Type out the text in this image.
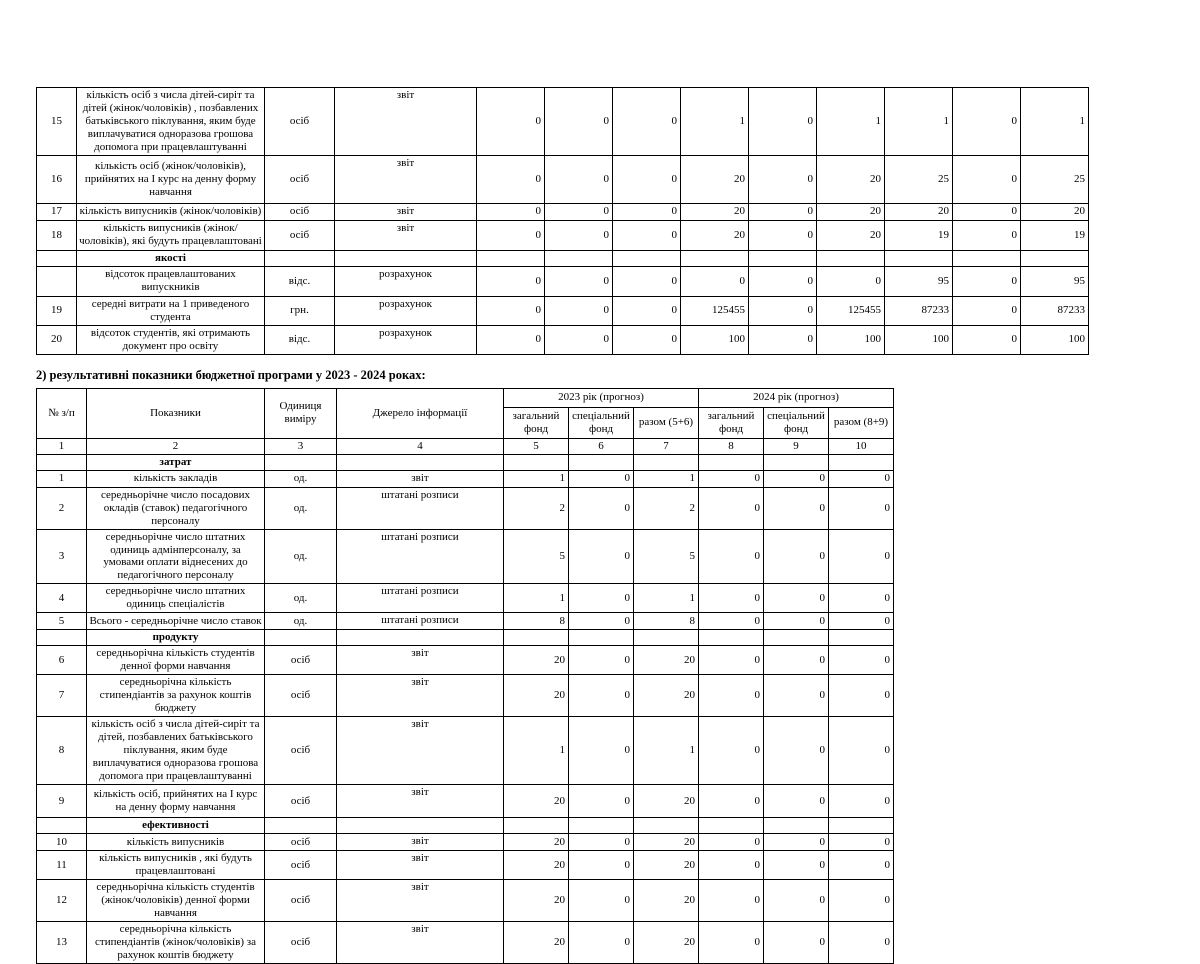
15	кількість осіб з числа дітей-сиріт та дітей (жінок/чоловіків) , позбавлених батьківського піклування, яким буде виплачуватися одноразова грошова допомога при працевлаштуванні	осіб	звіт	0	0	0	1	0	1	1	0	1
16	кількість осіб (жінок/чоловіків), прийнятих на І курс на денну форму навчання	осіб	звіт	0	0	0	20	0	20	25	0	25
17	кількість випусників (жінок/чоловіків)	осіб	звіт	0	0	0	20	0	20	20	0	20
18	кількість випусників (жінок/чоловіків), які будуть працевлаштовані	осіб	звіт	0	0	0	20	0	20	19	0	19
	якості											
	відсоток працевлаштованих випускників	відс.	розрахунок	0	0	0	0	0	0	95	0	95
19	середні витрати на 1 приведеного студента	грн.	розрахунок	0	0	0	125455	0	125455	87233	0	87233
20	відсоток студентів, які отримають документ про освіту	відс.	розрахунок	0	0	0	100	0	100	100	0	100
2) результативні показники бюджетної програми у 2023 - 2024 роках:
№ з/п	Показники	Одиниця виміру	Джерело інформації	2023 рік (прогноз)			2024 рік (прогноз)		
				загальний фонд	спеціальний фонд	разом (5+6)	загальний фонд	спеціальний фонд	разом (8+9)
1	2	3	4	5	6	7	8	9	10
	затрат								
1	кількість закладів	од.	звіт	1	0	1	0	0	0
2	середньорічне число посадових окладів (ставок) педагогічного персоналу	од.	штатані розписи	2	0	2	0	0	0
3	середньорічне число штатних одиниць адмінперсоналу, за умовами оплати віднесених до педагогічного персоналу	од.	штатані розписи	5	0	5	0	0	0
4	середньорічне число штатних одиниць спеціалістів	од.	штатані розписи	1	0	1	0	0	0
5	Всього - середньорічне число ставок	од.	штатані розписи	8	0	8	0	0	0
	продукту								
6	середньорічна кількість студентів денної форми навчання	осіб	звіт	20	0	20	0	0	0
7	середньорічна кількість стипендіантів за рахунок коштів бюджету	осіб	звіт	20	0	20	0	0	0
8	кількість осіб з числа дітей-сиріт та дітей, позбавлених батьківського піклування, яким буде виплачуватися одноразова грошова допомога при працевлаштуванні	осіб	звіт	1	0	1	0	0	0
9	кількість осіб, прийнятих на І курс на денну форму навчання	осіб	звіт	20	0	20	0	0	0
	ефективності								
10	кількість випусників	осіб	звіт	20	0	20	0	0	0
11	кількість випусників , які будуть працевлаштовані	осіб	звіт	20	0	20	0	0	0
12	середньорічна кількість студентів (жінок/чоловіків) денної форми навчання	осіб	звіт	20	0	20	0	0	0
13	середньорічна кількість стипендіантів (жінок/чоловіків) за рахунок коштів бюджету	осіб	звіт	20	0	20	0	0	0
